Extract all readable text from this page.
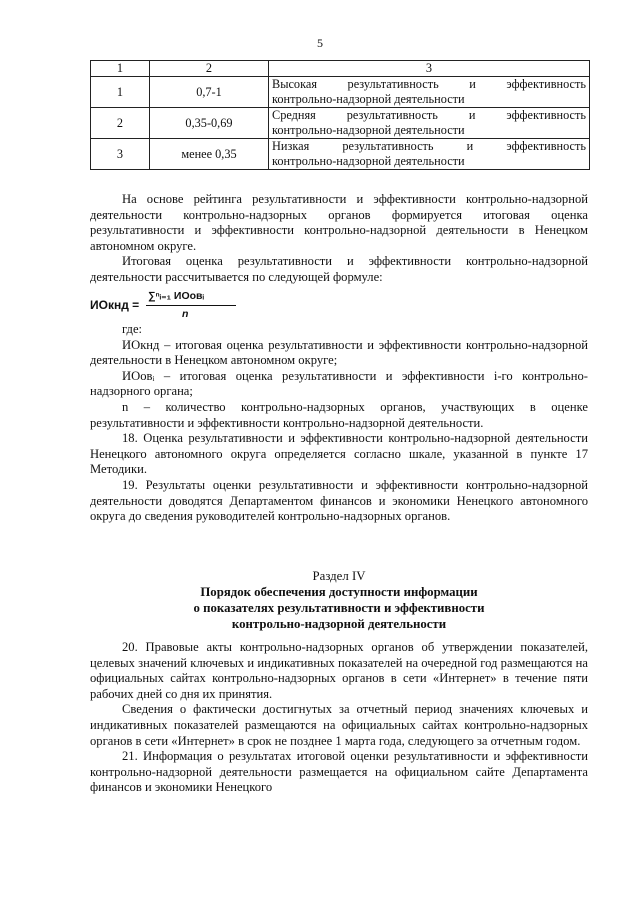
5
1	2	3
1	0,7-1	Высокая результативность и эффективность
контрольно-надзорной деятельности

2	0,35-0,69	Средняя результативность и эффективность
контрольно-надзорной деятельности

3	менее 0,35	Низкая результативность и эффективность
контрольно-надзорной деятельности

На основе рейтинга результативности и эффективности контрольно-надзорной деятельности контрольно-надзорных органов формируется итоговая оценка результативности и эффективности контрольно-надзорной деятельности в Ненецком автономном округе.

Итоговая оценка результативности и эффективности контрольно-надзорной деятельности рассчитывается по следующей формуле:

ИОкнд =
∑ⁿᵢ₌₁ ИОовᵢ
n

где:

ИОкнд – итоговая оценка результативности и эффективности контрольно-надзорной деятельности в Ненецком автономном округе;

ИОовᵢ – итоговая оценка результативности и эффективности i-го контрольно-надзорного органа;

n – количество контрольно-надзорных органов, участвующих в оценке результативности и эффективности контрольно-надзорной деятельности.

18. Оценка результативности и эффективности контрольно-надзорной деятельности Ненецкого автономного округа определяется согласно шкале, указанной в пункте 17 Методики.

19. Результаты оценки результативности и эффективности контрольно-надзорной деятельности доводятся Департаментом финансов и экономики Ненецкого автономного округа до сведения руководителей контрольно-надзорных органов.

Раздел IV
Порядок обеспечения доступности информации
о показателях результативности и эффективности
контрольно-надзорной деятельности

20. Правовые акты контрольно-надзорных органов об утверждении показателей, целевых значений ключевых и индикативных показателей на очередной год размещаются на официальных сайтах контрольно-надзорных органов в сети «Интернет» в течение пяти рабочих дней со дня их принятия.

Сведения о фактически достигнутых за отчетный период значениях ключевых и индикативных показателей размещаются на официальных сайтах контрольно-надзорных органов в сети «Интернет» в срок не позднее 1 марта года, следующего за отчетным годом.

21. Информация о результатах итоговой оценки результативности и эффективности контрольно-надзорной деятельности размещается на официальном сайте Департамента финансов и экономики Ненецкого
